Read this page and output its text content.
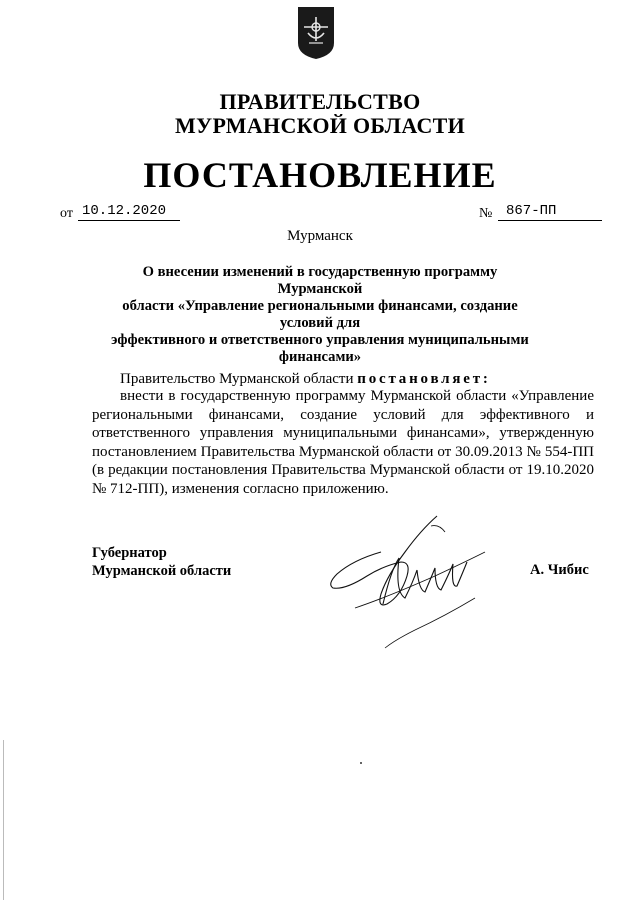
ПРАВИТЕЛЬСТВО
МУРМАНСКОЙ ОБЛАСТИ
ПОСТАНОВЛЕНИЕ
от 10.12.2020	№ 867-ПП
Мурманск
О внесении изменений в государственную программу Мурманской
области «Управление региональными финансами, создание условий для
эффективного и ответственного управления муниципальными
финансами»
Правительство Мурманской области постановляет:
внести в государственную программу Мурманской области «Управление региональными финансами, создание условий для эффективного и ответственного управления муниципальными финансами», утвержденную постановлением Правительства Мурманской области от 30.09.2013 № 554-ПП (в редакции постановления Правительства Мурманской области от 19.10.2020 № 712-ПП), изменения согласно приложению.
Губернатор
Мурманской области	А. Чибис
